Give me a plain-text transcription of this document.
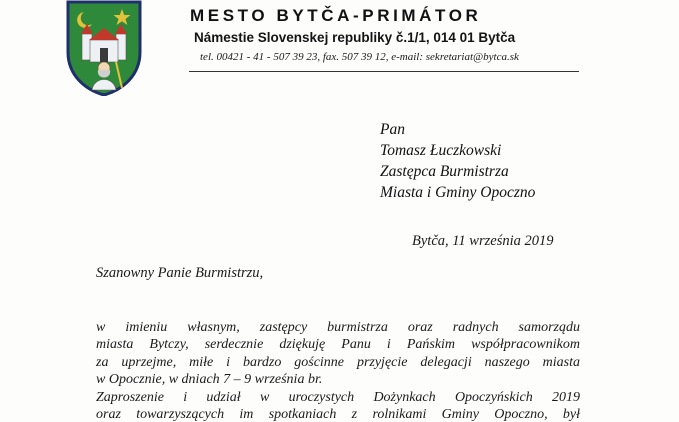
MESTO BYTČA-PRIMÁTOR
Námestie Slovenskej republiky č.1/1, 014 01 Bytča
tel. 00421 - 41 - 507 39 23, fax. 507 39 12, e-mail: sekretariat@bytca.sk
Pan
Tomasz Łuczkowski
Zastępca Burmistrza
Miasta i Gminy Opoczno
Bytča, 11 września 2019
Szanowny Panie Burmistrzu,
w imieniu własnym, zastępcy burmistrza oraz radnych samorządu
miasta Bytczy, serdecznie dziękuję Panu i Pańskim współpracownikom
za uprzejme, miłe i bardzo gościnne przyjęcie delegacji naszego miasta
w Opocznie, w dniach 7 – 9 września br.
Zaproszenie i udział w uroczystych Dożynkach Opoczyńskich 2019
oraz towarzyszących im spotkaniach z rolnikami Gminy Opoczno, był
